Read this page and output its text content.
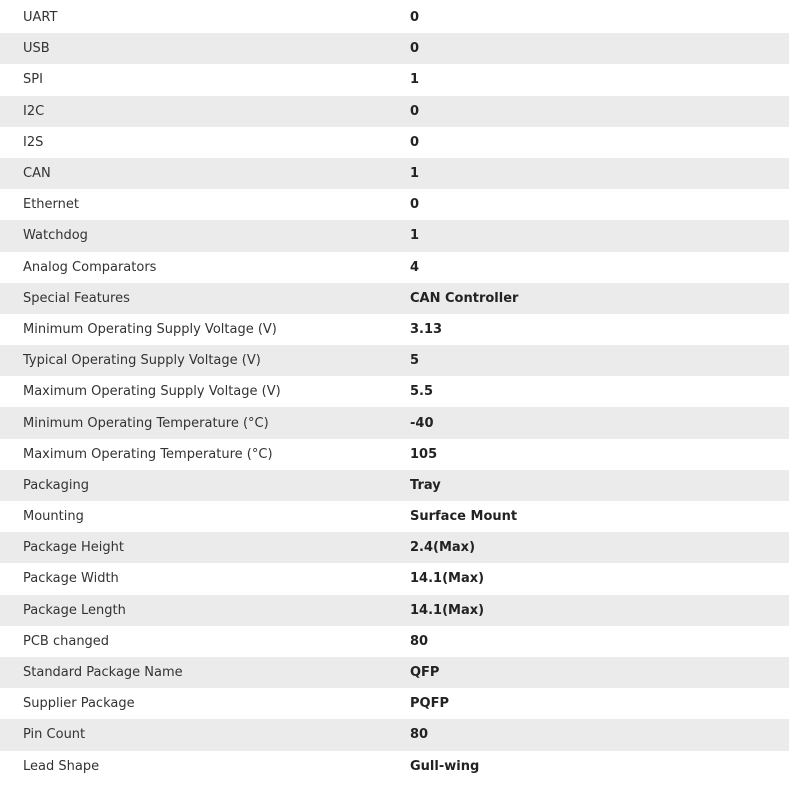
UART	0
USB	0
SPI	1
I2C	0
I2S	0
CAN	1
Ethernet	0
Watchdog	1
Analog Comparators	4
Special Features	CAN Controller
Minimum Operating Supply Voltage (V)	3.13
Typical Operating Supply Voltage (V)	5
Maximum Operating Supply Voltage (V)	5.5
Minimum Operating Temperature (°C)	-40
Maximum Operating Temperature (°C)	105
Packaging	Tray
Mounting	Surface Mount
Package Height	2.4(Max)
Package Width	14.1(Max)
Package Length	14.1(Max)
PCB changed	80
Standard Package Name	QFP
Supplier Package	PQFP
Pin Count	80
Lead Shape	Gull-wing
